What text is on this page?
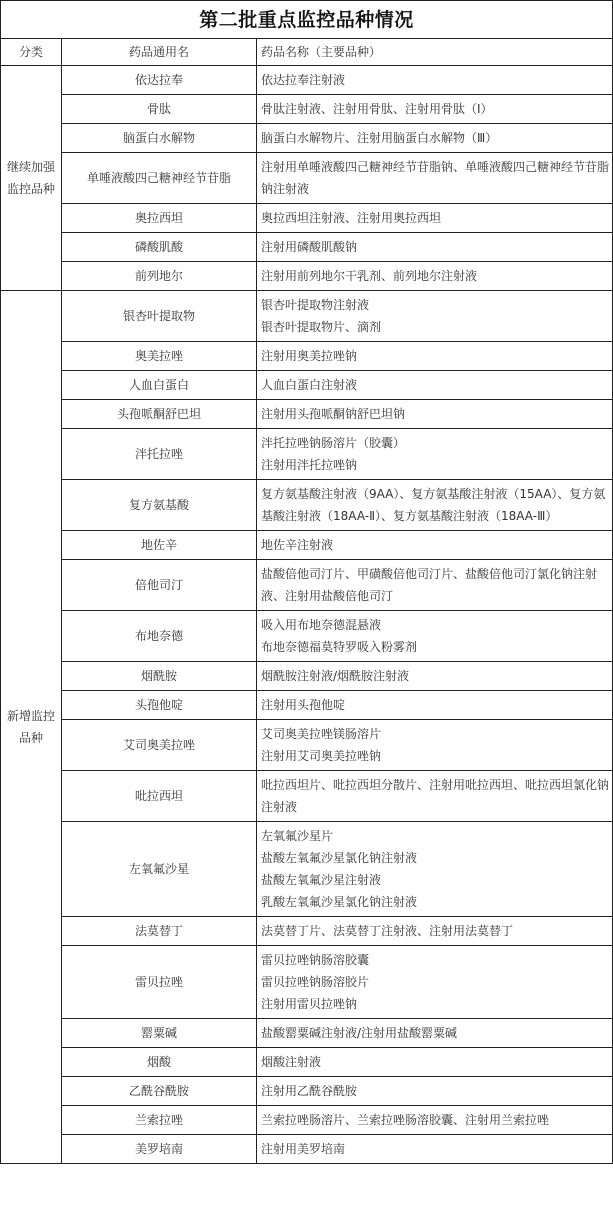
第二批重点监控品种情况
分类	药品通用名	药品名称（主要品种）
继续加强监控品种	依达拉奉	依达拉奉注射液

	骨肽	骨肽注射液、注射用骨肽、注射用骨肽（Ⅰ）

	脑蛋白水解物	脑蛋白水解物片、注射用脑蛋白水解物（Ⅲ）

	单唾液酸四己糖神经节苷脂	注射用单唾液酸四己糖神经节苷脂钠、单唾液酸四己糖神经节苷脂钠注射液

	奥拉西坦	奥拉西坦注射液、注射用奥拉西坦

	磷酸肌酸	注射用磷酸肌酸钠

	前列地尔	注射用前列地尔干乳剂、前列地尔注射液

新增监控品种	银杏叶提取物	银杏叶提取物注射液
银杏叶提取物片、滴剂

	奥美拉唑	注射用奥美拉唑钠

	人血白蛋白	人血白蛋白注射液

	头孢哌酮舒巴坦	注射用头孢哌酮钠舒巴坦钠

	泮托拉唑	泮托拉唑钠肠溶片（胶囊）
注射用泮托拉唑钠

	复方氨基酸	复方氨基酸注射液（9AA）、复方氨基酸注射液（15AA）、复方氨基酸注射液（18AA-Ⅱ）、复方氨基酸注射液（18AA-Ⅲ）

	地佐辛	地佐辛注射液

	倍他司汀	盐酸倍他司汀片、甲磺酸倍他司汀片、盐酸倍他司汀氯化钠注射液、注射用盐酸倍他司汀

	布地奈德	吸入用布地奈德混悬液
布地奈德福莫特罗吸入粉雾剂

	烟酰胺	烟酰胺注射液/烟酰胺注射液

	头孢他啶	注射用头孢他啶

	艾司奥美拉唑	艾司奥美拉唑镁肠溶片
注射用艾司奥美拉唑钠

	吡拉西坦	吡拉西坦片、吡拉西坦分散片、注射用吡拉西坦、吡拉西坦氯化钠注射液

	左氧氟沙星	左氧氟沙星片
盐酸左氧氟沙星氯化钠注射液
盐酸左氧氟沙星注射液
乳酸左氧氟沙星氯化钠注射液

	法莫替丁	法莫替丁片、法莫替丁注射液、注射用法莫替丁

	雷贝拉唑	雷贝拉唑钠肠溶胶囊
雷贝拉唑钠肠溶胶片
注射用雷贝拉唑钠

	罂粟碱	盐酸罂粟碱注射液/注射用盐酸罂粟碱

	烟酸	烟酸注射液

	乙酰谷酰胺	注射用乙酰谷酰胺

	兰索拉唑	兰索拉唑肠溶片、兰索拉唑肠溶胶囊、注射用兰索拉唑

	美罗培南	注射用美罗培南
